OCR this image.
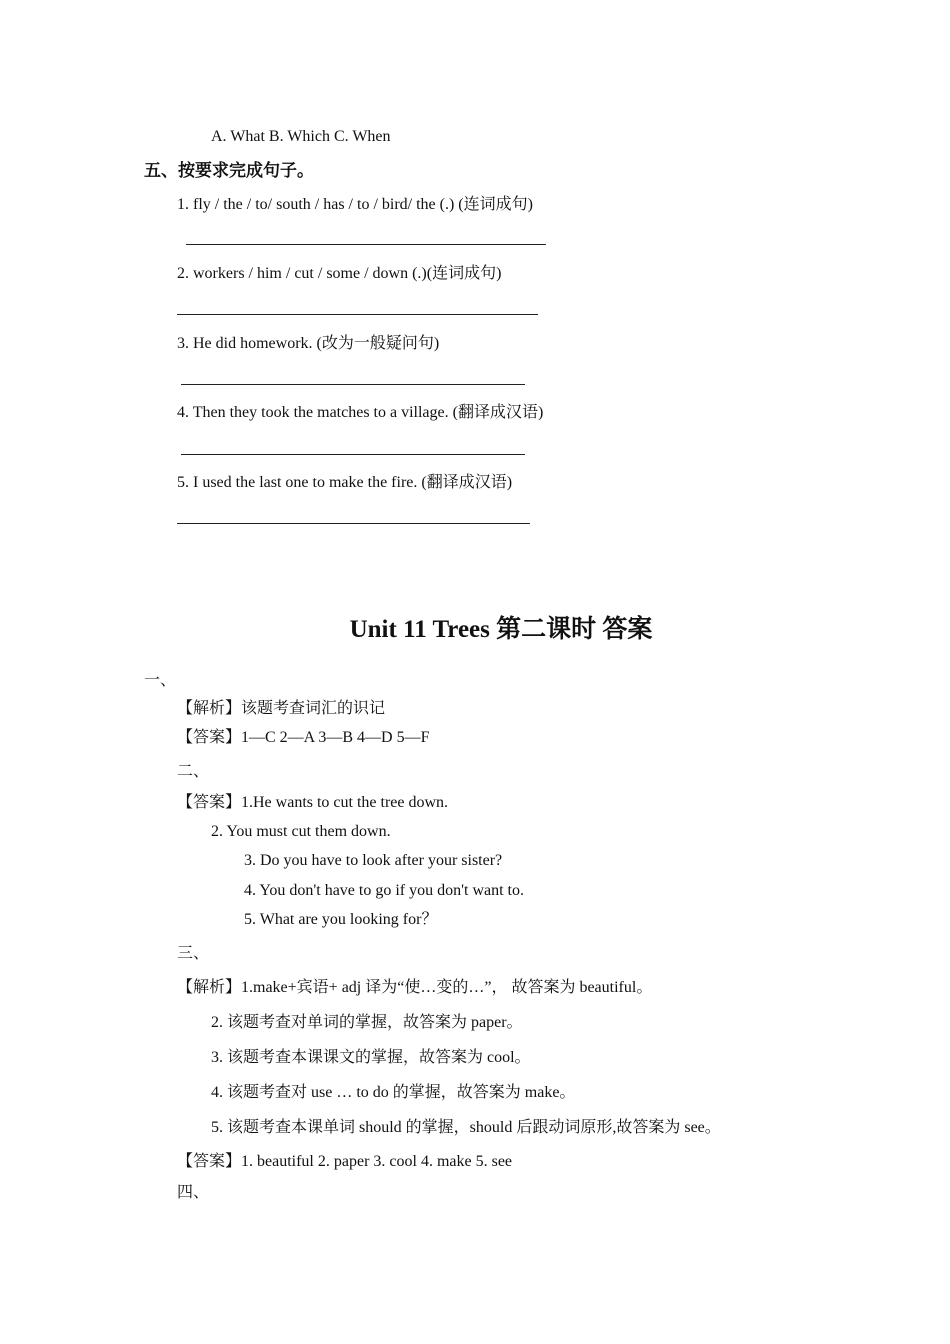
A. What B. Which C. When
五、按要求完成句子。
1. fly / the / to/ south / has / to / bird/ the (.) (连词成句)
2. workers / him / cut / some / down (.)(连词成句)
3. He did homework. (改为一般疑问句)
4. Then they took the matches to a village. (翻译成汉语)
5. I used the last one to make the fire. (翻译成汉语)
Unit 11 Trees 第二课时 答案
一、
【解析】该题考查词汇的识记
【答案】1—C 2—A 3—B 4—D 5—F
二、
【答案】1.He wants to cut the tree down.
2. You must cut them down.
3. Do you have to look after your sister?
4. You don't have to go if you don't want to.
5. What are you looking for？
三、
【解析】1.make+宾语+ adj 译为“使…变的…”， 故答案为 beautiful。
2. 该题考查对单词的掌握，故答案为 paper。
3. 该题考查本课课文的掌握，故答案为 cool。
4. 该题考查对 use … to do 的掌握，故答案为 make。
5. 该题考查本课单词 should 的掌握，should 后跟动词原形,故答案为 see。
【答案】1. beautiful 2. paper 3. cool 4. make 5. see
四、
